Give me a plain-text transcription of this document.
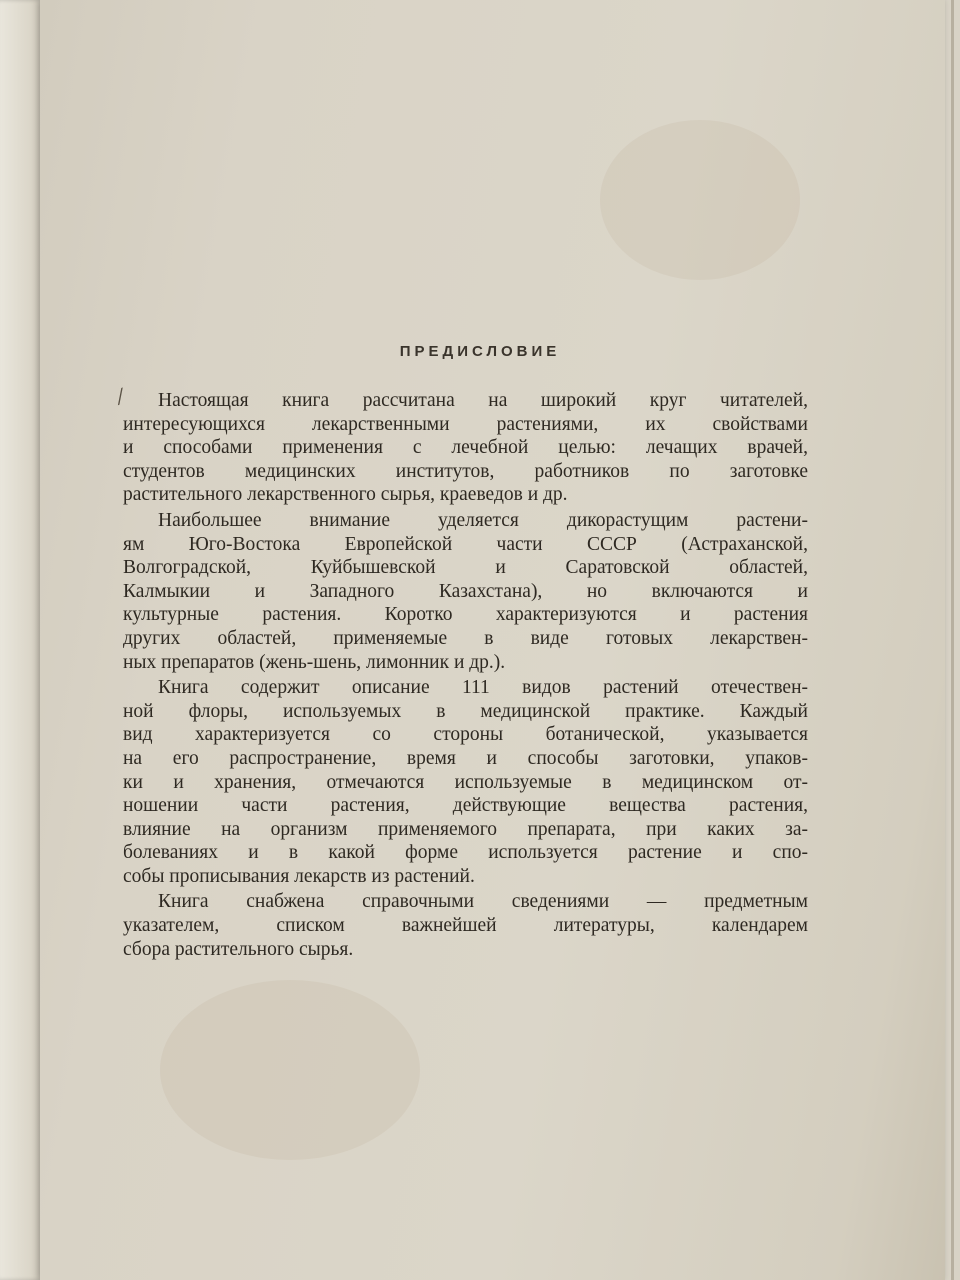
⁄
ПРЕДИСЛОВИЕ
Настоящая книга рассчитана на широкий круг читателей,
интересующихся лекарственными растениями, их свойствами
и способами применения с лечебной целью: лечащих врачей,
студентов медицинских институтов, работников по заготовке
растительного лекарственного сырья, краеведов и др.
Наибольшее внимание уделяется дикорастущим растени-
ям Юго-Востока Европейской части СССР (Астраханской,
Волгоградской, Куйбышевской и Саратовской областей,
Калмыкии и Западного Казахстана), но включаются и
культурные растения. Коротко характеризуются и растения
других областей, применяемые в виде готовых лекарствен-
ных препаратов (жень-шень, лимонник и др.).
Книга содержит описание 111 видов растений отечествен-
ной флоры, используемых в медицинской практике. Каждый
вид характеризуется со стороны ботанической, указывается
на его распространение, время и способы заготовки, упаков-
ки и хранения, отмечаются используемые в медицинском от-
ношении части растения, действующие вещества растения,
влияние на организм применяемого препарата, при каких за-
болеваниях и в какой форме используется растение и спо-
собы прописывания лекарств из растений.
Книга снабжена справочными сведениями — предметным
указателем, списком важнейшей литературы, календарем
сбора растительного сырья.
